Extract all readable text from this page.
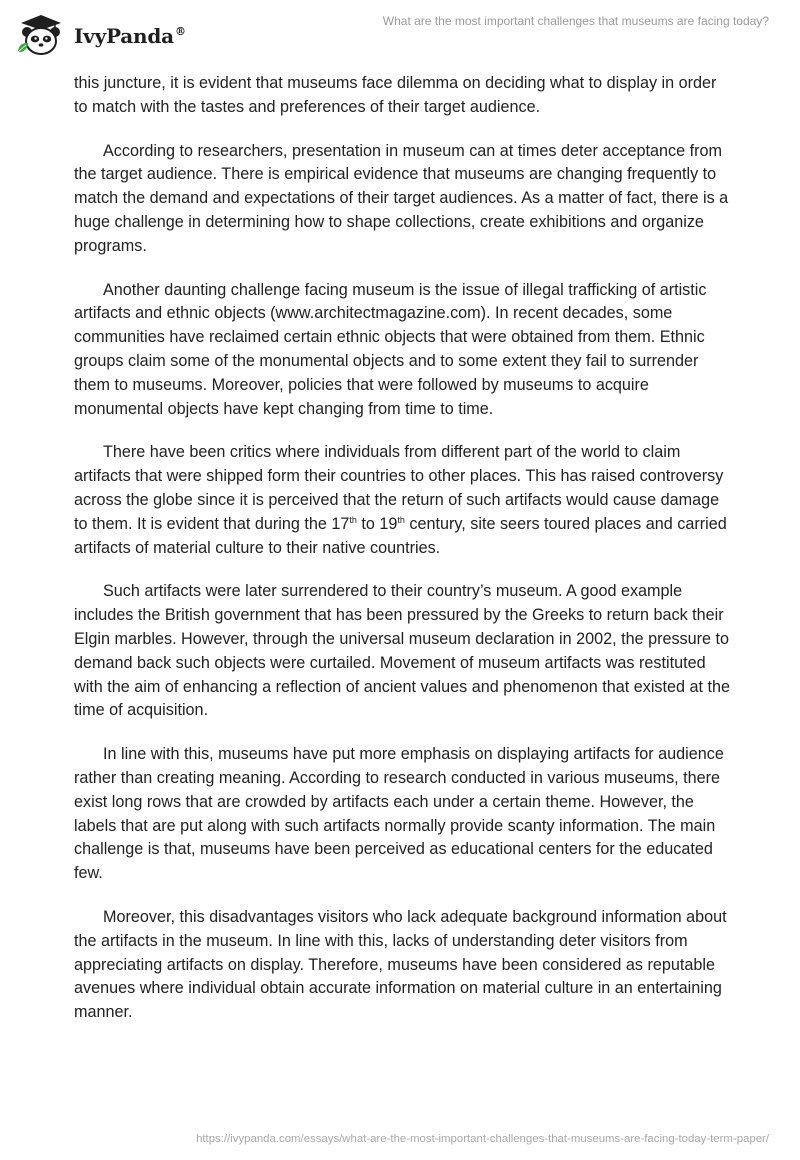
IvyPanda®
What are the most important challenges that museums are facing today?

this juncture, it is evident that museums face dilemma on deciding what to display in order to match with the tastes and preferences of their target audience.

According to researchers, presentation in museum can at times deter acceptance from the target audience. There is empirical evidence that museums are changing frequently to match the demand and expectations of their target audiences. As a matter of fact, there is a huge challenge in determining how to shape collections, create exhibitions and organize programs.

Another daunting challenge facing museum is the issue of illegal trafficking of artistic artifacts and ethnic objects (www.architectmagazine.com). In recent decades, some communities have reclaimed certain ethnic objects that were obtained from them. Ethnic groups claim some of the monumental objects and to some extent they fail to surrender them to museums. Moreover, policies that were followed by museums to acquire monumental objects have kept changing from time to time.

There have been critics where individuals from different part of the world to claim artifacts that were shipped form their countries to other places. This has raised controversy across the globe since it is perceived that the return of such artifacts would cause damage to them. It is evident that during the 17th to 19th century, site seers toured places and carried artifacts of material culture to their native countries.

Such artifacts were later surrendered to their country’s museum. A good example includes the British government that has been pressured by the Greeks to return back their Elgin marbles. However, through the universal museum declaration in 2002, the pressure to demand back such objects were curtailed. Movement of museum artifacts was restituted with the aim of enhancing a reflection of ancient values and phenomenon that existed at the time of acquisition.

In line with this, museums have put more emphasis on displaying artifacts for audience rather than creating meaning. According to research conducted in various museums, there exist long rows that are crowded by artifacts each under a certain theme. However, the labels that are put along with such artifacts normally provide scanty information. The main challenge is that, museums have been perceived as educational centers for the educated few.

Moreover, this disadvantages visitors who lack adequate background information about the artifacts in the museum. In line with this, lacks of understanding deter visitors from appreciating artifacts on display. Therefore, museums have been considered as reputable avenues where individual obtain accurate information on material culture in an entertaining manner.

https://ivypanda.com/essays/what-are-the-most-important-challenges-that-museums-are-facing-today-term-paper/
